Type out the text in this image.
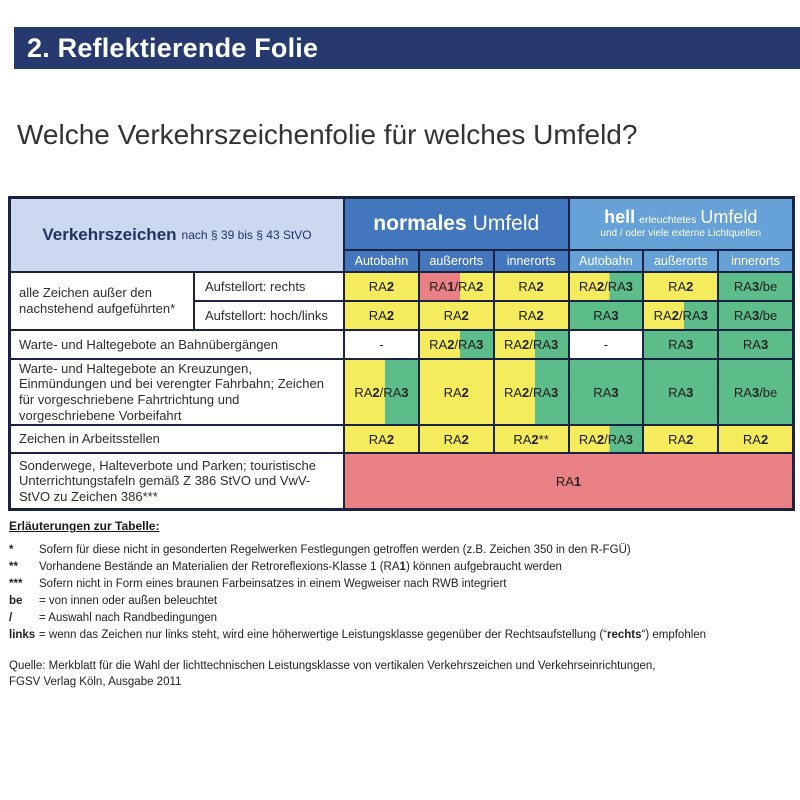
2. Reflektierende Folie
Welche Verkehrszeichenfolie für welches Umfeld?
Verkehrszeichen nach § 39 bis § 43 StVO	normales Umfeld	hell erleuchtetes Umfeld
und / oder viele externe Lichtquellen
Autobahn	außerorts	innerorts	Autobahn	außerorts	innerorts
alle Zeichen außer den nachstehend aufgeführten*
Aufstellort: rechts	RA 2	RA 1 /RA 2	RA 2	RA 2 /RA 3	RA 2	RA 3 /be
Aufstellort: hoch/links	RA 2	RA 2	RA 2	RA 3	RA 2 /RA 3	RA 3 /be
Warte- und Haltegebote an Bahnübergängen	-	RA 2 /RA 3	RA 2 /RA 3	-	RA 3	RA 3
Warte- und Haltegebote an Kreuzungen, Einmündungen und bei verengter Fahrbahn; Zeichen für vorgeschriebene Fahrtrichtung und vorgeschriebene Vorbeifahrt
RA 2 /RA 3	RA 2	RA 2 /RA 3	RA 3	RA 3	RA 3 /be
Zeichen in Arbeitsstellen	RA 2	RA 2	RA 2 **	RA 2 /RA 3	RA 2	RA 2
Sonderwege, Halteverbote und Parken; touristische Unterrichtungstafeln gemäß Z 386 StVO und VwV-StVO zu Zeichen 386***
RA 1
Erläuterungen zur Tabelle:
*	Sofern für diese nicht in gesonderten Regelwerken Festlegungen getroffen werden (z.B. Zeichen 350 in den R-FGÜ)
**	Vorhandene Bestände an Materialien der Retroreflexions-Klasse 1 (RA1) können aufgebraucht werden
***	Sofern nicht in Form eines braunen Farbeinsatzes in einem Wegweiser nach RWB integriert
be	= von innen oder außen beleuchtet
/	= Auswahl nach Randbedingungen
links = wenn das Zeichen nur links steht, wird eine höherwertige Leistungsklasse gegenüber der Rechtsaufstellung (“rechts“) empfohlen
Quelle: Merkblatt für die Wahl der lichttechnischen Leistungsklasse von vertikalen Verkehrszeichen und Verkehrseinrichtungen,
FGSV Verlag Köln, Ausgabe 2011
